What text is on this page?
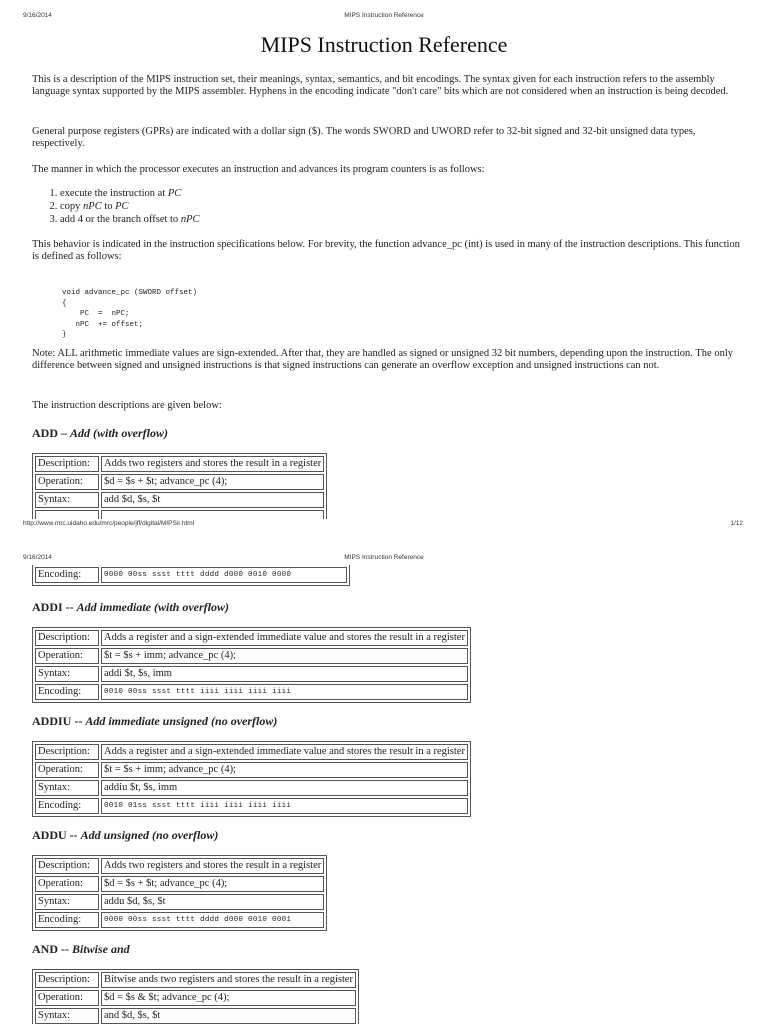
9/16/2014	MIPS Instruction Reference
MIPS Instruction Reference

This is a description of the MIPS instruction set, their meanings, syntax, semantics, and bit encodings. The syntax given for each instruction refers to the assembly language syntax supported by the MIPS assembler. Hyphens in the encoding indicate "don't care" bits which are not considered when an instruction is being decoded.

General purpose registers (GPRs) are indicated with a dollar sign ($). The words SWORD and UWORD refer to 32-bit signed and 32-bit unsigned data types, respectively.

The manner in which the processor executes an instruction and advances its program counters is as follows:

1. execute the instruction at PC
2. copy nPC to PC
3. add 4 or the branch offset to nPC

This behavior is indicated in the instruction specifications below. For brevity, the function advance_pc (int) is used in many of the instruction descriptions. This function is defined as follows:

void advance_pc (SWORD offset)
{
PC  =  nPC;
nPC  += offset;
}

Note: ALL arithmetic immediate values are sign-extended. After that, they are handled as signed or unsigned 32 bit numbers, depending upon the instruction. The only difference between signed and unsigned instructions is that signed instructions can generate an overflow exception and unsigned instructions can not.

The instruction descriptions are given below:

ADD – Add (with overflow)
Description:	Adds two registers and stores the result in a register
Operation:	$d = $s + $t; advance_pc (4);
Syntax:	add $d, $s, $t

http://www.mrc.uidaho.edu/mrc/people/jff/digital/MIPSir.html	1/12
9/16/2014	MIPS Instruction Reference
Encoding:	0000 00ss ssst tttt dddd d000 0010 0000
ADDI -- Add immediate (with overflow)
Description:	Adds a register and a sign-extended immediate value and stores the result in a register
Operation:	$t = $s + imm; advance_pc (4);
Syntax:	addi $t, $s, imm
Encoding:	0010 00ss ssst tttt iiii iiii iiii iiii
ADDIU -- Add immediate unsigned (no overflow)
Description:	Adds a register and a sign-extended immediate value and stores the result in a register
Operation:	$t = $s + imm; advance_pc (4);
Syntax:	addiu $t, $s, imm
Encoding:	0010 01ss ssst tttt iiii iiii iiii iiii
ADDU -- Add unsigned (no overflow)
Description:	Adds two registers and stores the result in a register
Operation:	$d = $s + $t; advance_pc (4);
Syntax:	addu $d, $s, $t
Encoding:	0000 00ss ssst tttt dddd d000 0010 0001
AND -- Bitwise and
Description:	Bitwise ands two registers and stores the result in a register
Operation:	$d = $s & $t; advance_pc (4);
Syntax:	and $d, $s, $t
